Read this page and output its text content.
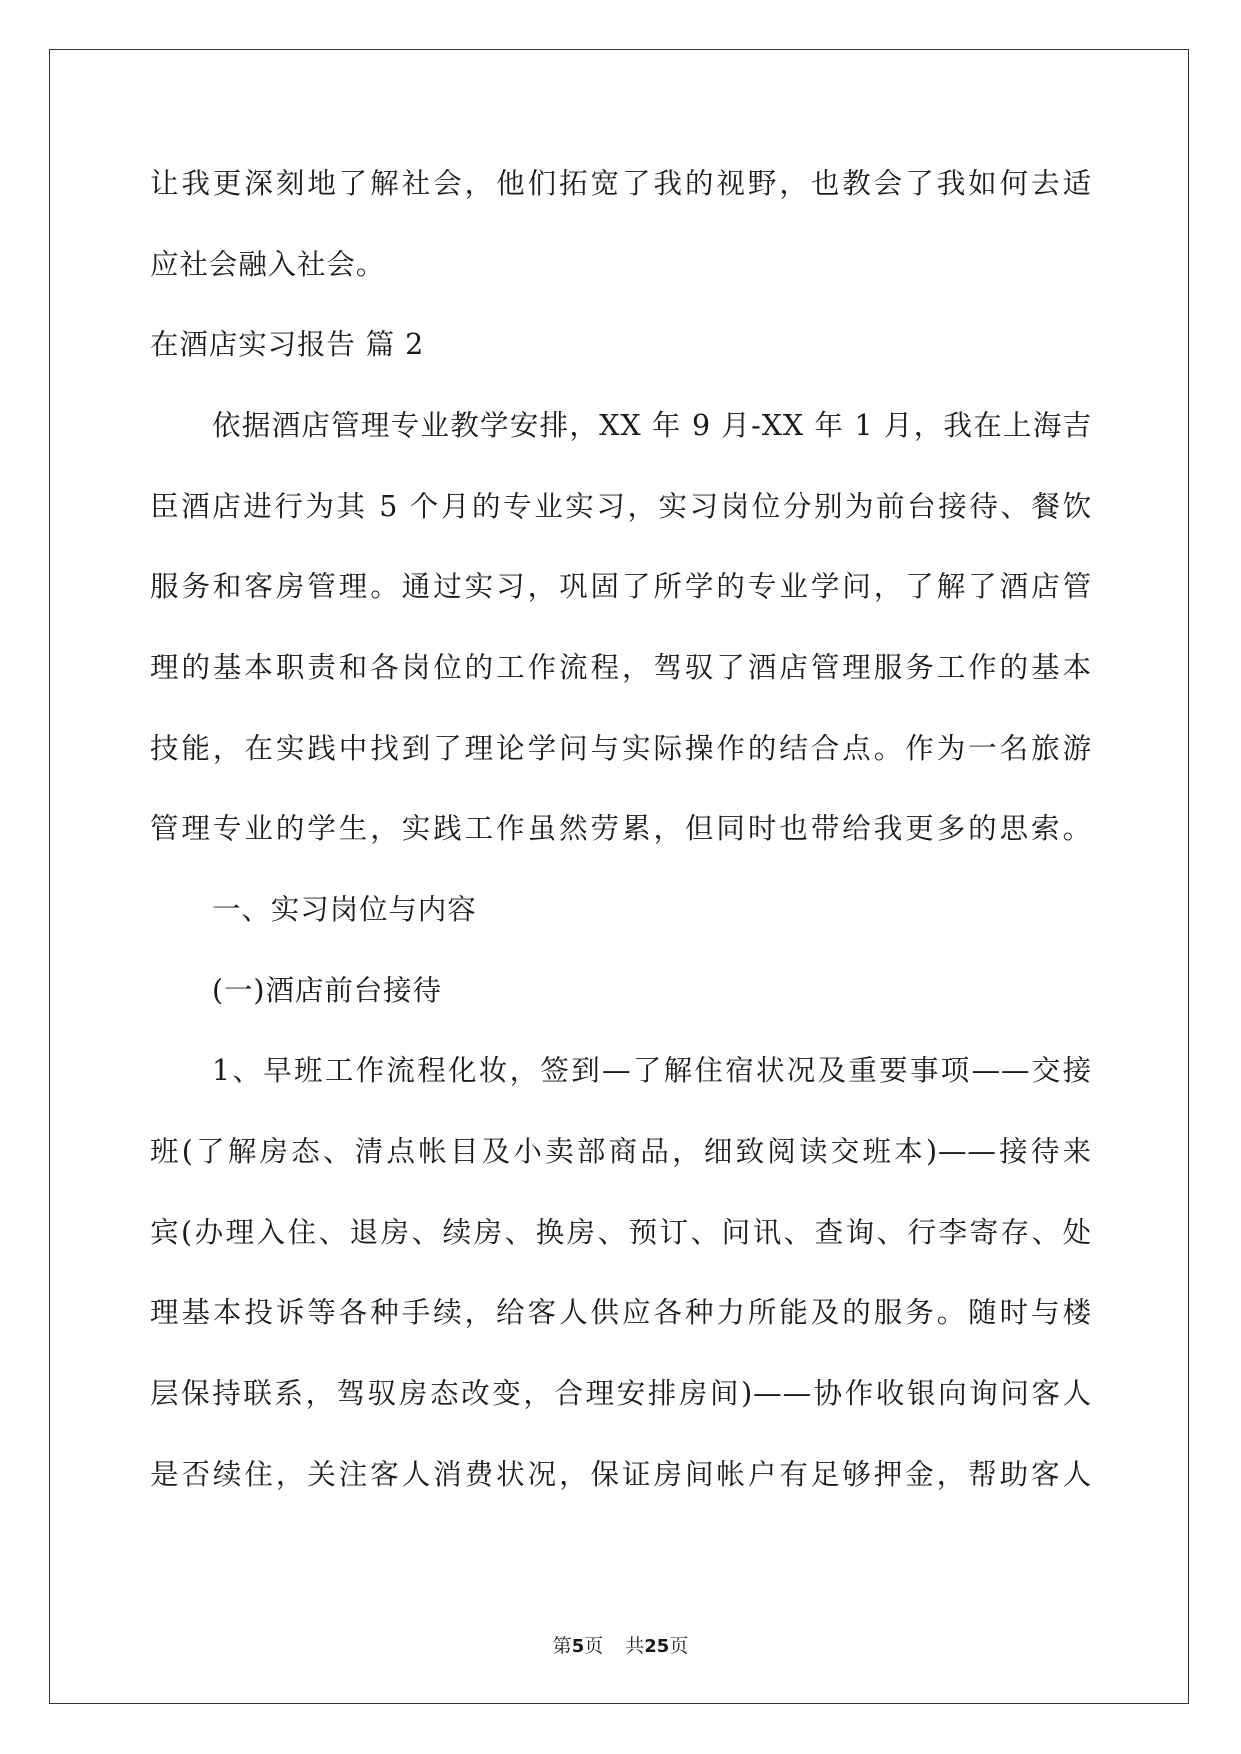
让我更深刻地了解社会，他们拓宽了我的视野，也教会了我如何去适
应社会融入社会。
在酒店实习报告 篇 2
依据酒店管理专业教学安排，XX 年 9 月-XX 年 1 月，我在上海吉
臣酒店进行为其 5 个月的专业实习，实习岗位分别为前台接待、餐饮
服务和客房管理。通过实习，巩固了所学的专业学问，了解了酒店管
理的基本职责和各岗位的工作流程，驾驭了酒店管理服务工作的基本
技能，在实践中找到了理论学问与实际操作的结合点。作为一名旅游
管理专业的学生，实践工作虽然劳累，但同时也带给我更多的思索。
一、实习岗位与内容
(一)酒店前台接待
1、早班工作流程化妆，签到—了解住宿状况及重要事项——交接
班(了解房态、清点帐目及小卖部商品，细致阅读交班本)——接待来
宾(办理入住、退房、续房、换房、预订、问讯、查询、行李寄存、处
理基本投诉等各种手续，给客人供应各种力所能及的服务。随时与楼
层保持联系，驾驭房态改变，合理安排房间)——协作收银向询问客人
是否续住，关注客人消费状况，保证房间帐户有足够押金，帮助客人
第5页 共25页
